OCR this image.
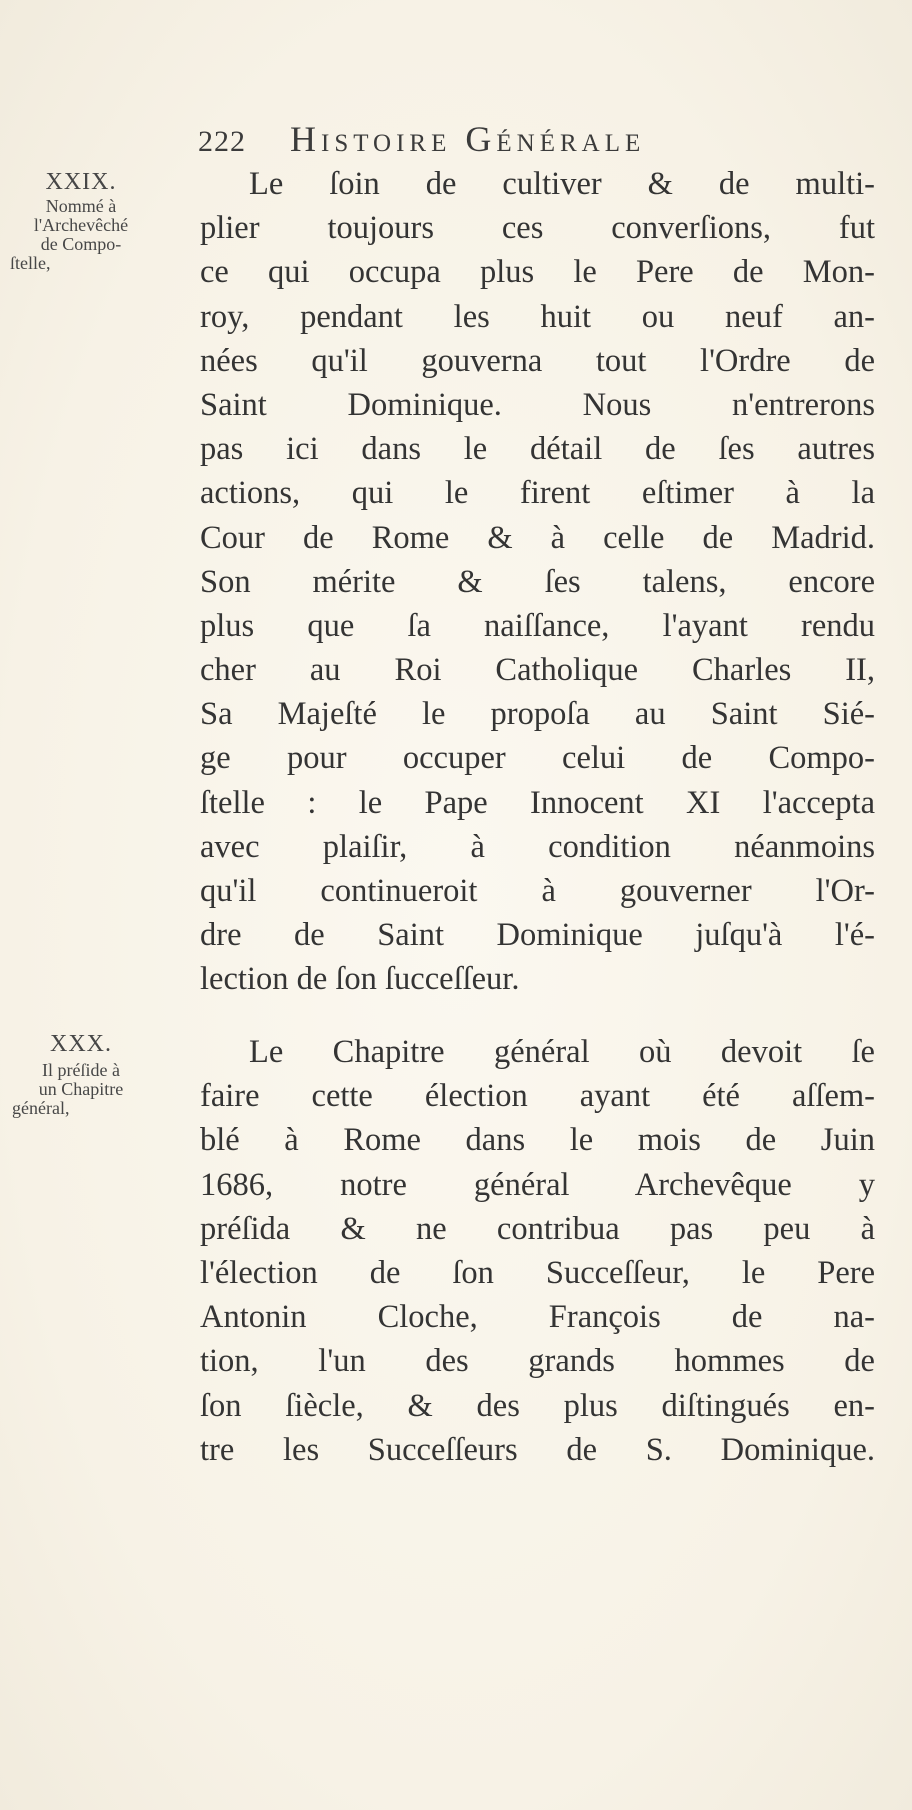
222 Histoire Générale
XXIX.
Nommé à
l'Archevêché
de Compo-
ſtelle,
Le ſoin de cultiver & de multi-
plier toujours ces converſions, fut
ce qui occupa plus le Pere de Mon-
roy, pendant les huit ou neuf an-
nées qu'il gouverna tout l'Ordre de
Saint Dominique. Nous n'entrerons
pas ici dans le détail de ſes autres
actions, qui le firent eſtimer à la
Cour de Rome & à celle de Madrid.
Son mérite & ſes talens, encore
plus que ſa naiſſance, l'ayant rendu
cher au Roi Catholique Charles II,
Sa Majeſté le propoſa au Saint Sié-
ge pour occuper celui de Compo-
ſtelle : le Pape Innocent XI l'accepta
avec plaiſir, à condition néanmoins
qu'il continueroit à gouverner l'Or-
dre de Saint Dominique juſqu'à l'é-
lection de ſon ſucceſſeur.
XXX.
Il préſide à
un Chapitre
général,
Le Chapitre général où devoit ſe
faire cette élection ayant été aſſem-
blé à Rome dans le mois de Juin
1686, notre général Archevêque y
préſida & ne contribua pas peu à
l'élection de ſon Succeſſeur, le Pere
Antonin Cloche, François de na-
tion, l'un des grands hommes de
ſon ſiècle, & des plus diſtingués en-
tre les Succeſſeurs de S. Dominique.
